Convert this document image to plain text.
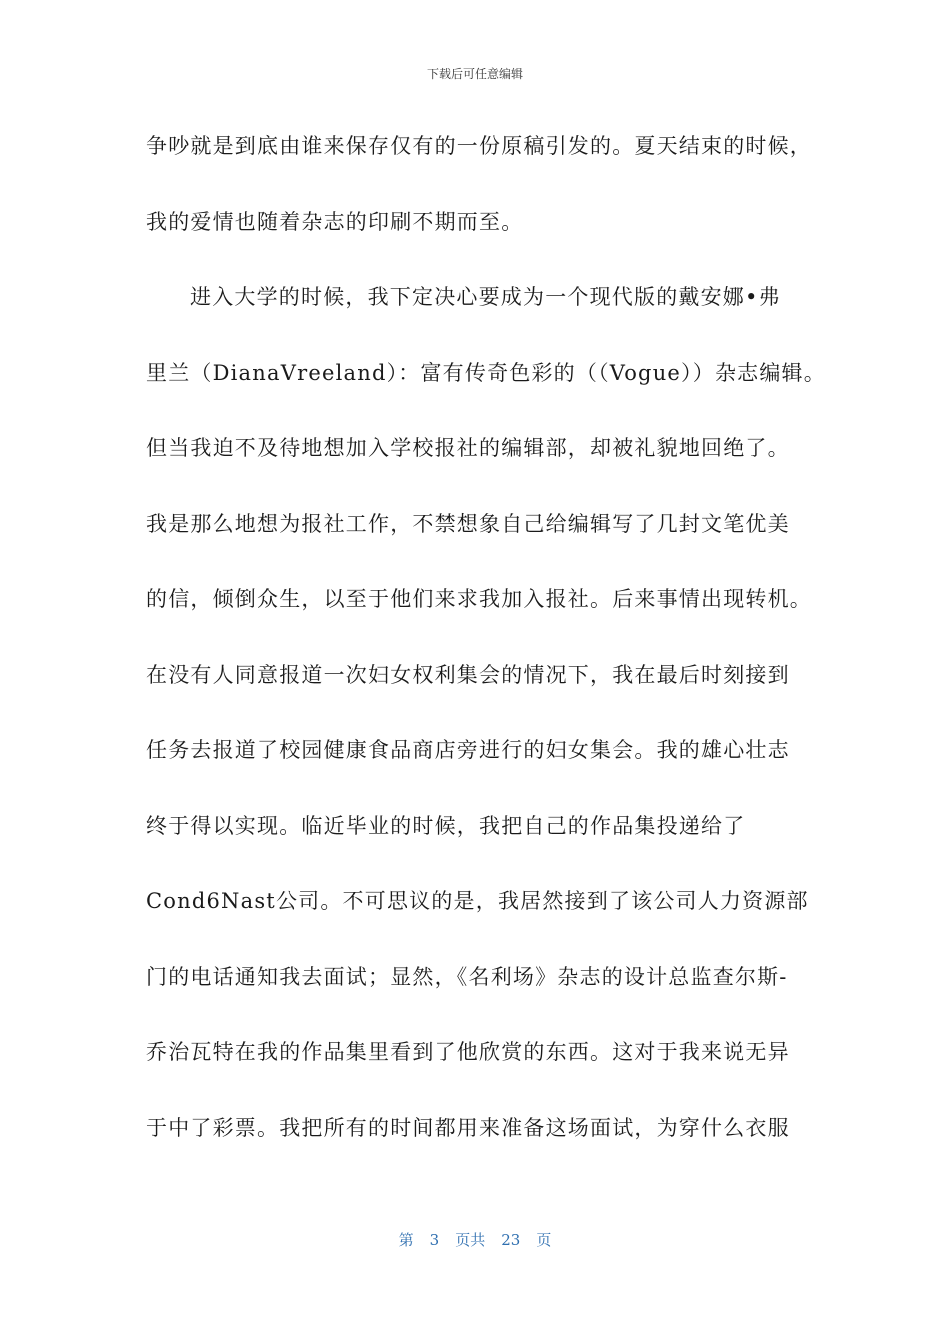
下载后可任意编辑
争吵就是到底由谁来保存仅有的一份原稿引发的。夏天结束的时候，
我的爱情也随着杂志的印刷不期而至。
进入大学的时候，我下定决心要成为一个现代版的戴安娜•弗
里兰（DianaVreeland）：富有传奇色彩的（（Vogue））杂志编辑。
但当我迫不及待地想加入学校报社的编辑部，却被礼貌地回绝了。
我是那么地想为报社工作，不禁想象自己给编辑写了几封文笔优美
的信，倾倒众生，以至于他们来求我加入报社。后来事情出现转机。
在没有人同意报道一次妇女权利集会的情况下，我在最后时刻接到
任务去报道了校园健康食品商店旁进行的妇女集会。我的雄心壮志
终于得以实现。临近毕业的时候，我把自己的作品集投递给了
Cond6Nast公司。不可思议的是，我居然接到了该公司人力资源部
门的电话通知我去面试；显然，《名利场》杂志的设计总监查尔斯-
乔治瓦特在我的作品集里看到了他欣赏的东西。这对于我来说无异
于中了彩票。我把所有的时间都用来准备这场面试，为穿什么衣服
第 3 页共 23 页
